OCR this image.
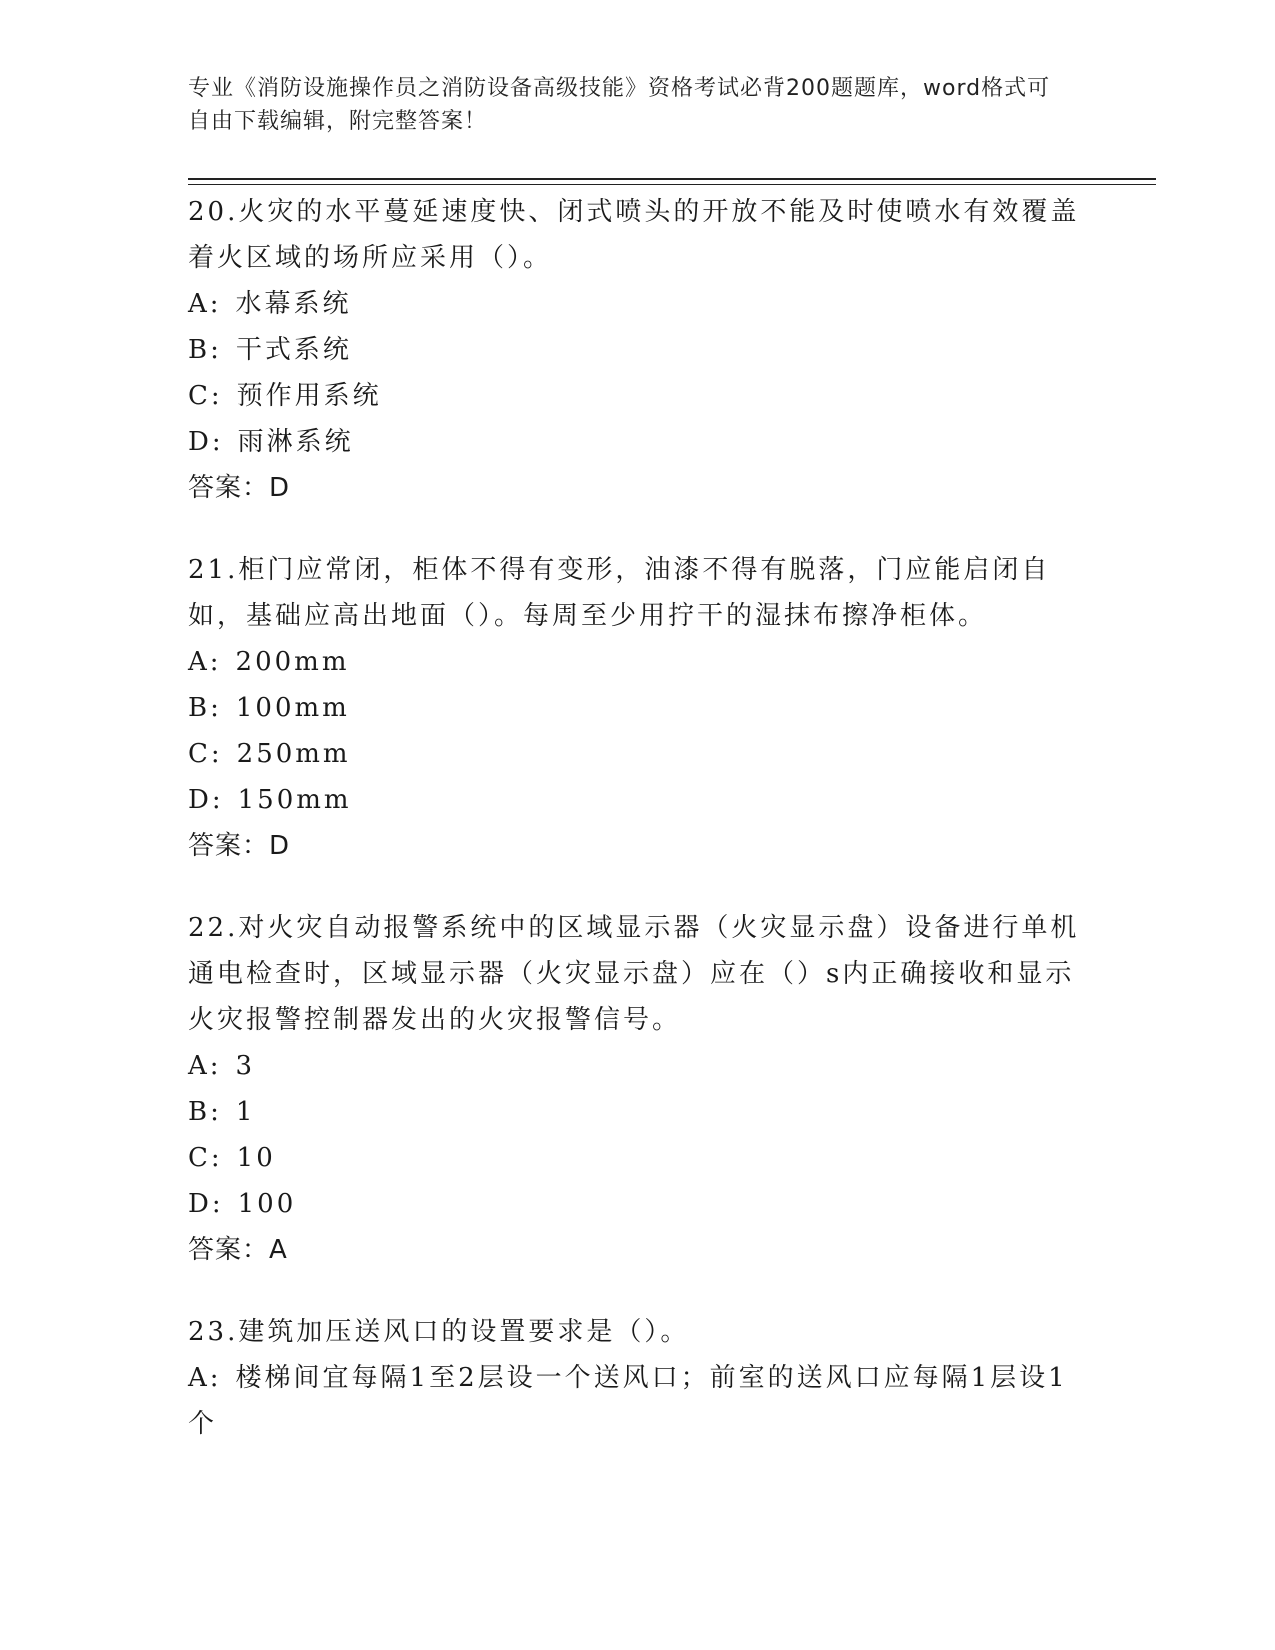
专业《消防设施操作员之消防设备高级技能》资格考试必背200题题库，word格式可自由下载编辑，附完整答案！

20.火灾的水平蔓延速度快、闭式喷头的开放不能及时使喷水有效覆盖着火区域的场所应采用（）。

A: 水幕系统

B: 干式系统

C: 预作用系统

D: 雨淋系统

答案：D

21.柜门应常闭，柜体不得有变形，油漆不得有脱落，门应能启闭自如，基础应高出地面（）。每周至少用拧干的湿抹布擦净柜体。

A: 200mm

B: 100mm

C: 250mm

D: 150mm

答案：D

22.对火灾自动报警系统中的区域显示器（火灾显示盘）设备进行单机通电检查时，区域显示器（火灾显示盘）应在（）s内正确接收和显示火灾报警控制器发出的火灾报警信号。

A: 3

B: 1

C: 10

D: 100

答案：A

23.建筑加压送风口的设置要求是（）。

A: 楼梯间宜每隔1至2层设一个送风口；前室的送风口应每隔1层设1个
